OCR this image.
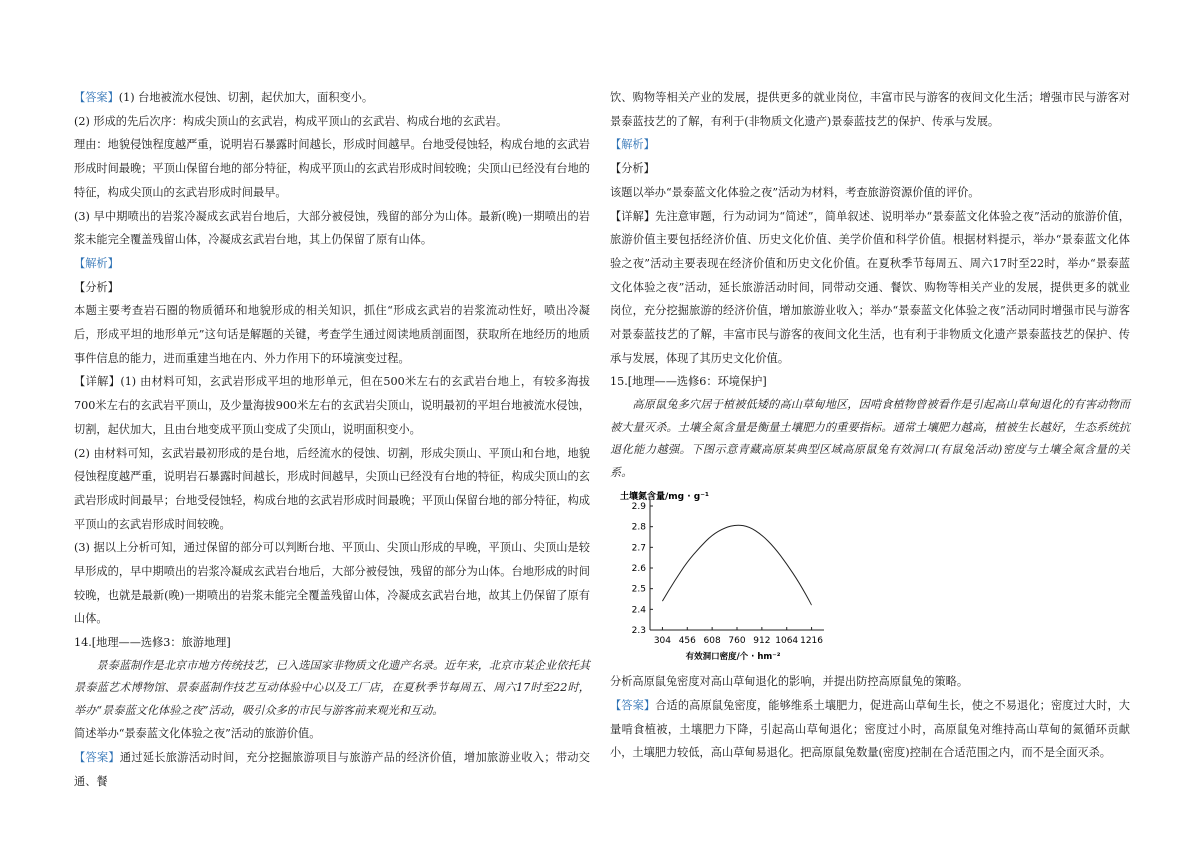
【答案】(1) 台地被流水侵蚀、切割，起伏加大，面积变小。

(2) 形成的先后次序：构成尖顶山的玄武岩，构成平顶山的玄武岩、构成台地的玄武岩。

理由：地貌侵蚀程度越严重，说明岩石暴露时间越长，形成时间越早。台地受侵蚀轻，构成台地的玄武岩形成时间最晚；平顶山保留台地的部分特征，构成平顶山的玄武岩形成时间较晚；尖顶山已经没有台地的特征，构成尖顶山的玄武岩形成时间最早。

(3) 早中期喷出的岩浆冷凝成玄武岩台地后，大部分被侵蚀，残留的部分为山体。最新(晚)一期喷出的岩浆未能完全覆盖残留山体，冷凝成玄武岩台地，其上仍保留了原有山体。

【解析】

【分析】

本题主要考查岩石圈的物质循环和地貌形成的相关知识，抓住“形成玄武岩的岩浆流动性好，喷出冷凝后，形成平坦的地形单元”这句话是解题的关键，考查学生通过阅读地质剖面图，获取所在地经历的地质事件信息的能力，进而重建当地在内、外力作用下的环境演变过程。

【详解】(1) 由材料可知，玄武岩形成平坦的地形单元，但在500米左右的玄武岩台地上，有较多海拔700米左右的玄武岩平顶山，及少量海拔900米左右的玄武岩尖顶山，说明最初的平坦台地被流水侵蚀，切割，起伏加大，且由台地变成平顶山变成了尖顶山，说明面积变小。

(2) 由材料可知，玄武岩最初形成的是台地，后经流水的侵蚀、切割，形成尖顶山、平顶山和台地，地貌侵蚀程度越严重，说明岩石暴露时间越长，形成时间越早，尖顶山已经没有台地的特征，构成尖顶山的玄武岩形成时间最早；台地受侵蚀轻，构成台地的玄武岩形成时间最晚；平顶山保留台地的部分特征，构成平顶山的玄武岩形成时间较晚。

(3) 据以上分析可知，通过保留的部分可以判断台地、平顶山、尖顶山形成的早晚，平顶山、尖顶山是较早形成的，早中期喷出的岩浆冷凝成玄武岩台地后，大部分被侵蚀，残留的部分为山体。台地形成的时间较晚，也就是最新(晚)一期喷出的岩浆未能完全覆盖残留山体，冷凝成玄武岩台地，故其上仍保留了原有山体。

14.[地理——选修3：旅游地理]

景泰蓝制作是北京市地方传统技艺，已入选国家非物质文化遗产名录。近年来，北京市某企业依托其景泰蓝艺术博物馆、景泰蓝制作技艺互动体验中心以及工厂店，在夏秋季节每周五、周六17时至22时，举办“景泰蓝文化体验之夜”活动，吸引众多的市民与游客前来观光和互动。

简述举办“景泰蓝文化体验之夜”活动的旅游价值。

【答案】通过延长旅游活动时间，充分挖掘旅游项目与旅游产品的经济价值，增加旅游业收入；带动交通、餐

饮、购物等相关产业的发展，提供更多的就业岗位，丰富市民与游客的夜间文化生活；增强市民与游客对景泰蓝技艺的了解，有利于(非物质文化遗产)景泰蓝技艺的保护、传承与发展。

【解析】

【分析】

该题以举办“景泰蓝文化体验之夜”活动为材料，考查旅游资源价值的评价。

【详解】先注意审题，行为动词为“简述”，简单叙述、说明举办“景泰蓝文化体验之夜”活动的旅游价值，旅游价值主要包括经济价值、历史文化价值、美学价值和科学价值。根据材料提示，举办“景泰蓝文化体验之夜”活动主要表现在经济价值和历史文化价值。在夏秋季节每周五、周六17时至22时，举办“景泰蓝文化体验之夜”活动，延长旅游活动时间，同带动交通、餐饮、购物等相关产业的发展，提供更多的就业岗位，充分挖掘旅游的经济价值，增加旅游业收入；举办“景泰蓝文化体验之夜”活动同时增强市民与游客对景泰蓝技艺的了解，丰富市民与游客的夜间文化生活，也有利于非物质文化遗产景泰蓝技艺的保护、传承与发展，体现了其历史文化价值。

15.[地理——选修6：环境保护]

高原鼠兔多穴居于植被低矮的高山草甸地区，因啃食植物曾被看作是引起高山草甸退化的有害动物而被大量灭杀。土壤全氮含量是衡量土壤肥力的重要指标。通常土壤肥力越高，植被生长越好，生态系统抗退化能力越强。下图示意青藏高原某典型区域高原鼠兔有效洞口(有鼠兔活动)密度与土壤全氮含量的关系。

土壤氮含量/mg · g⁻¹
2.3
2.4
2.5
2.6
2.7
2.8
2.9
304 456 608 760 912 1064 1216
有效洞口密度/个 · hm⁻²

分析高原鼠兔密度对高山草甸退化的影响，并提出防控高原鼠兔的策略。

【答案】合适的高原鼠兔密度，能够维系土壤肥力，促进高山草甸生长，使之不易退化；密度过大时，大量啃食植被，土壤肥力下降，引起高山草甸退化；密度过小时，高原鼠兔对维持高山草甸的氮循环贡献小，土壤肥力较低，高山草甸易退化。把高原鼠兔数量(密度)控制在合适范围之内，而不是全面灭杀。
